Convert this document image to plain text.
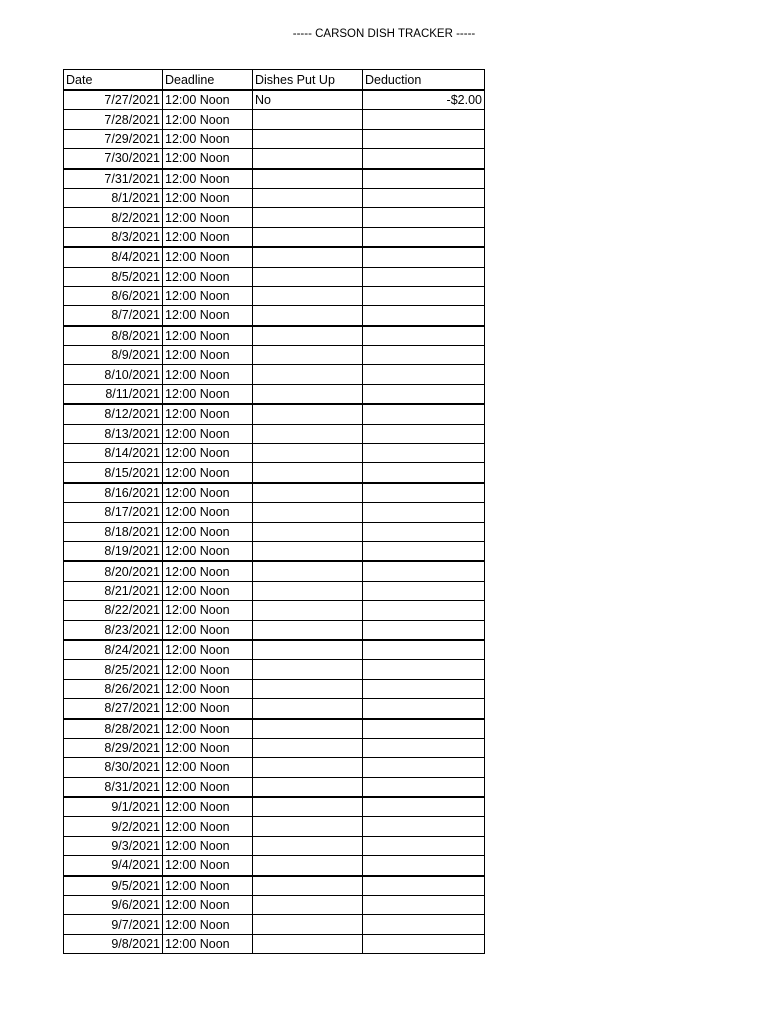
----- CARSON DISH TRACKER -----
Date	Deadline	Dishes Put Up	Deduction
7/27/2021	12:00 Noon	No	-$2.00
7/28/2021	12:00 Noon		
7/29/2021	12:00 Noon		
7/30/2021	12:00 Noon		
7/31/2021	12:00 Noon		
8/1/2021	12:00 Noon		
8/2/2021	12:00 Noon		
8/3/2021	12:00 Noon		
8/4/2021	12:00 Noon		
8/5/2021	12:00 Noon		
8/6/2021	12:00 Noon		
8/7/2021	12:00 Noon		
8/8/2021	12:00 Noon		
8/9/2021	12:00 Noon		
8/10/2021	12:00 Noon		
8/11/2021	12:00 Noon		
8/12/2021	12:00 Noon		
8/13/2021	12:00 Noon		
8/14/2021	12:00 Noon		
8/15/2021	12:00 Noon		
8/16/2021	12:00 Noon		
8/17/2021	12:00 Noon		
8/18/2021	12:00 Noon		
8/19/2021	12:00 Noon		
8/20/2021	12:00 Noon		
8/21/2021	12:00 Noon		
8/22/2021	12:00 Noon		
8/23/2021	12:00 Noon		
8/24/2021	12:00 Noon		
8/25/2021	12:00 Noon		
8/26/2021	12:00 Noon		
8/27/2021	12:00 Noon		
8/28/2021	12:00 Noon		
8/29/2021	12:00 Noon		
8/30/2021	12:00 Noon		
8/31/2021	12:00 Noon		
9/1/2021	12:00 Noon		
9/2/2021	12:00 Noon		
9/3/2021	12:00 Noon		
9/4/2021	12:00 Noon		
9/5/2021	12:00 Noon		
9/6/2021	12:00 Noon		
9/7/2021	12:00 Noon		
9/8/2021	12:00 Noon		
